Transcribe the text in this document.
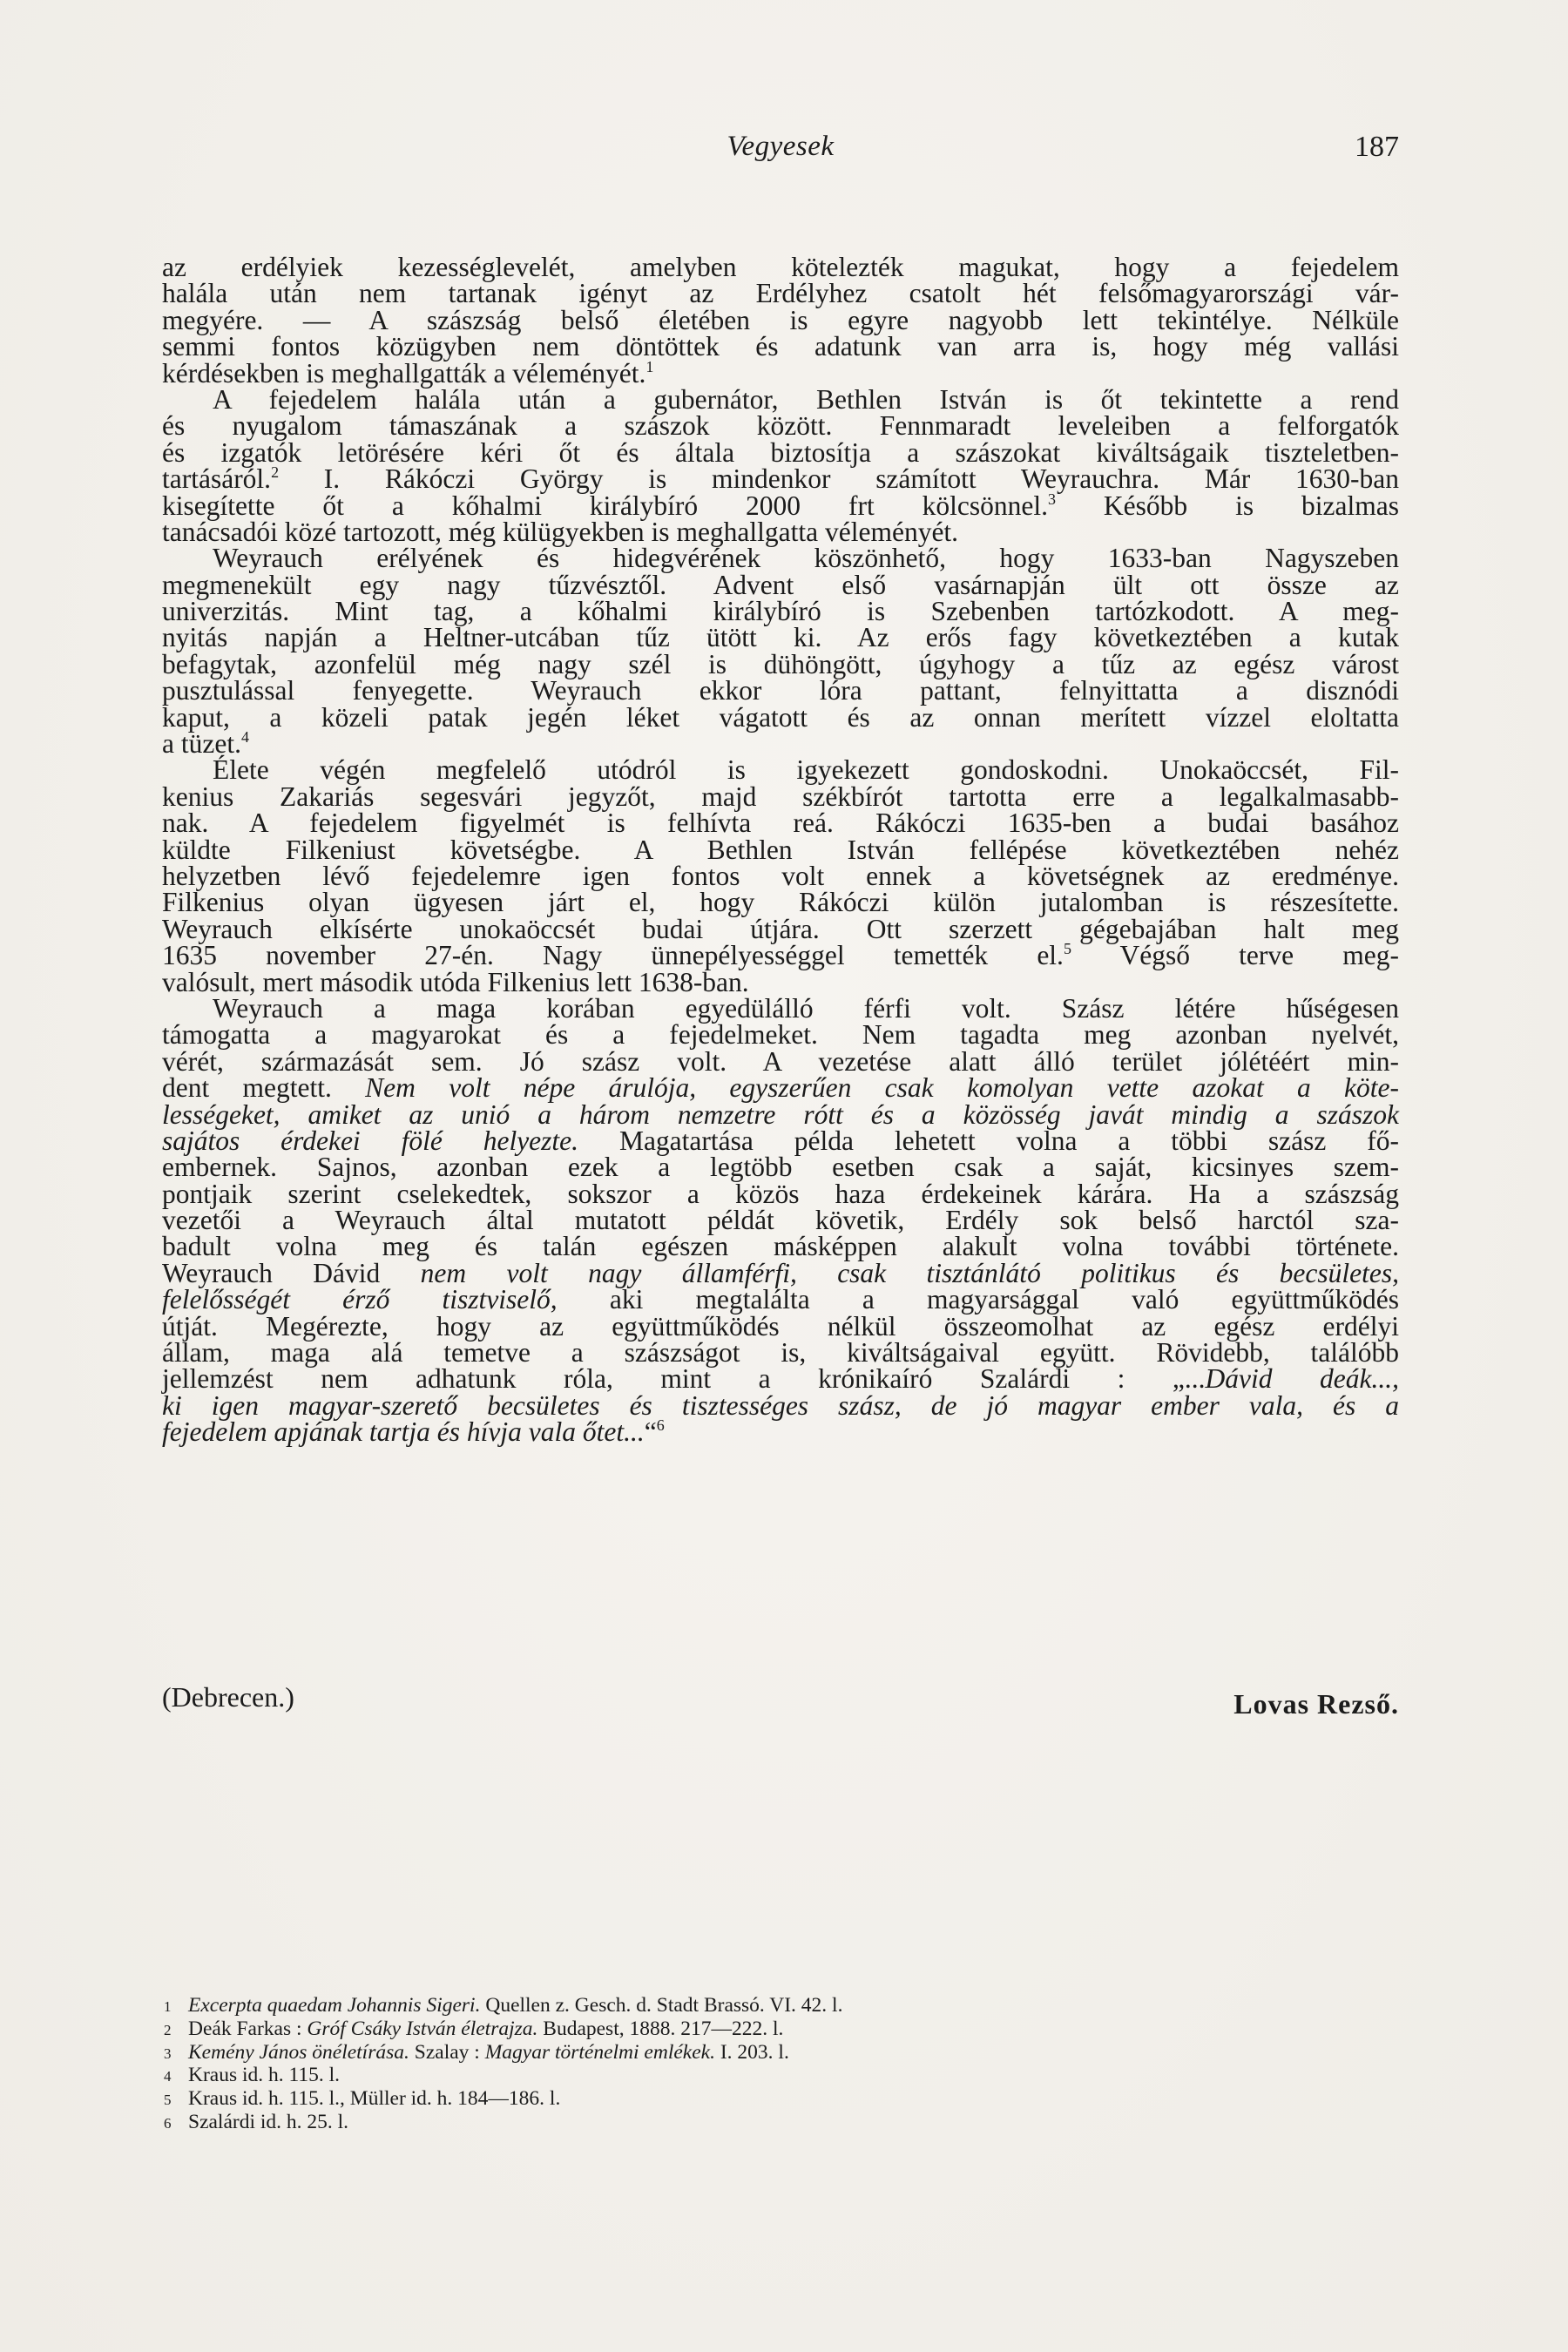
Vegyesek	187
az erdélyiek kezességlevelét, amelyben kötelezték magukat, hogy a fejedelem
halála után nem tartanak igényt az Erdélyhez csatolt hét felsőmagyarországi vár-
megyére. — A szászság belső életében is egyre nagyobb lett tekintélye. Nélküle
semmi fontos közügyben nem döntöttek és adatunk van arra is, hogy még vallási
kérdésekben is meghallgatták a véleményét.$^1$
A fejedelem halála után a gubernátor, Bethlen István is őt tekintette a rend
és nyugalom támaszának a szászok között. Fennmaradt leveleiben a felforgatók
és izgatók letörésére kéri őt és általa biztosítja a szászokat kiváltságaik tiszteletben-
tartásáról.$^2$ I. Rákóczi György is mindenkor számított Weyrauchra. Már 1630-ban
kisegítette őt a kőhalmi királybíró 2000 frt kölcsönnel.$^3$ Később is bizalmas
tanácsadói közé tartozott, még külügyekben is meghallgatta véleményét.
Weyrauch erélyének és hidegvérének köszönhető, hogy 1633-ban Nagyszeben
megmenekült egy nagy tűzvésztől. Advent első vasárnapján ült ott össze az
univerzitás. Mint tag, a kőhalmi királybíró is Szebenben tartózkodott. A meg-
nyitás napján a Heltner-utcában tűz ütött ki. Az erős fagy következtében a kutak
befagytak, azonfelül még nagy szél is dühöngött, úgyhogy a tűz az egész várost
pusztulással fenyegette. Weyrauch ekkor lóra pattant, felnyittatta a disznódi
kaput, a közeli patak jegén léket vágatott és az onnan merített vízzel eloltatta
a tüzet.$^4$
Élete végén megfelelő utódról is igyekezett gondoskodni. Unokaöccsét, Fil-
kenius Zakariás segesvári jegyzőt, majd székbírót tartotta erre a legalkalmasabb-
nak. A fejedelem figyelmét is felhívta reá. Rákóczi 1635-ben a budai basához
küldte Filkeniust követségbe. A Bethlen István fellépése következtében nehéz
helyzetben lévő fejedelemre igen fontos volt ennek a követségnek az eredménye.
Filkenius olyan ügyesen járt el, hogy Rákóczi külön jutalomban is részesítette.
Weyrauch elkísérte unokaöccsét budai útjára. Ott szerzett gégebajában halt meg
1635 november 27-én. Nagy ünnepélyességgel temették el.$^5$ Végső terve meg-
valósult, mert második utóda Filkenius lett 1638-ban.
Weyrauch a maga korában egyedülálló férfi volt. Szász létére hűségesen
támogatta a magyarokat és a fejedelmeket. Nem tagadta meg azonban nyelvét,
vérét, származását sem. Jó szász volt. A vezetése alatt álló terület jólétéért min-
dent megtett. Nem volt népe árulója, egyszerűen csak komolyan vette azokat a köte-
lességeket, amiket az unió a három nemzetre rótt és a közösség javát mindig a szászok
sajátos érdekei fölé helyezte. Magatartása példa lehetett volna a többi szász fő-
embernek. Sajnos, azonban ezek a legtöbb esetben csak a saját, kicsinyes szem-
pontjaik szerint cselekedtek, sokszor a közös haza érdekeinek kárára. Ha a szászság
vezetői a Weyrauch által mutatott példát követik, Erdély sok belső harctól sza-
badult volna meg és talán egészen másképpen alakult volna további története.
Weyrauch Dávid nem volt nagy államférfi, csak tisztánlátó politikus és becsületes,
felelősségét érző tisztviselő, aki megtalálta a magyarsággal való együttműködés
útját. Megérezte, hogy az együttműködés nélkül összeomolhat az egész erdélyi
állam, maga alá temetve a szászságot is, kiváltságaival együtt. Rövidebb, találóbb
jellemzést nem adhatunk róla, mint a krónikaíró Szalárdi : „...Dávid deák...,
ki igen magyar-szerető becsületes és tisztességes szász, de jó magyar ember vala, és a
fejedelem apjának tartja és hívja vala őtet...“$^6$
(Debrecen.)	Lovas Rezső.
1 Excerpta quaedam Johannis Sigeri. Quellen z. Gesch. d. Stadt Brassó. VI. 42. l.
2 Deák Farkas : Gróf Csáky István életrajza. Budapest, 1888. 217—222. l.
3 Kemény János önéletírása. Szalay : Magyar történelmi emlékek. I. 203. l.
4 Kraus id. h. 115. l.
5 Kraus id. h. 115. l., Müller id. h. 184—186. l.
6 Szalárdi id. h. 25. l.
